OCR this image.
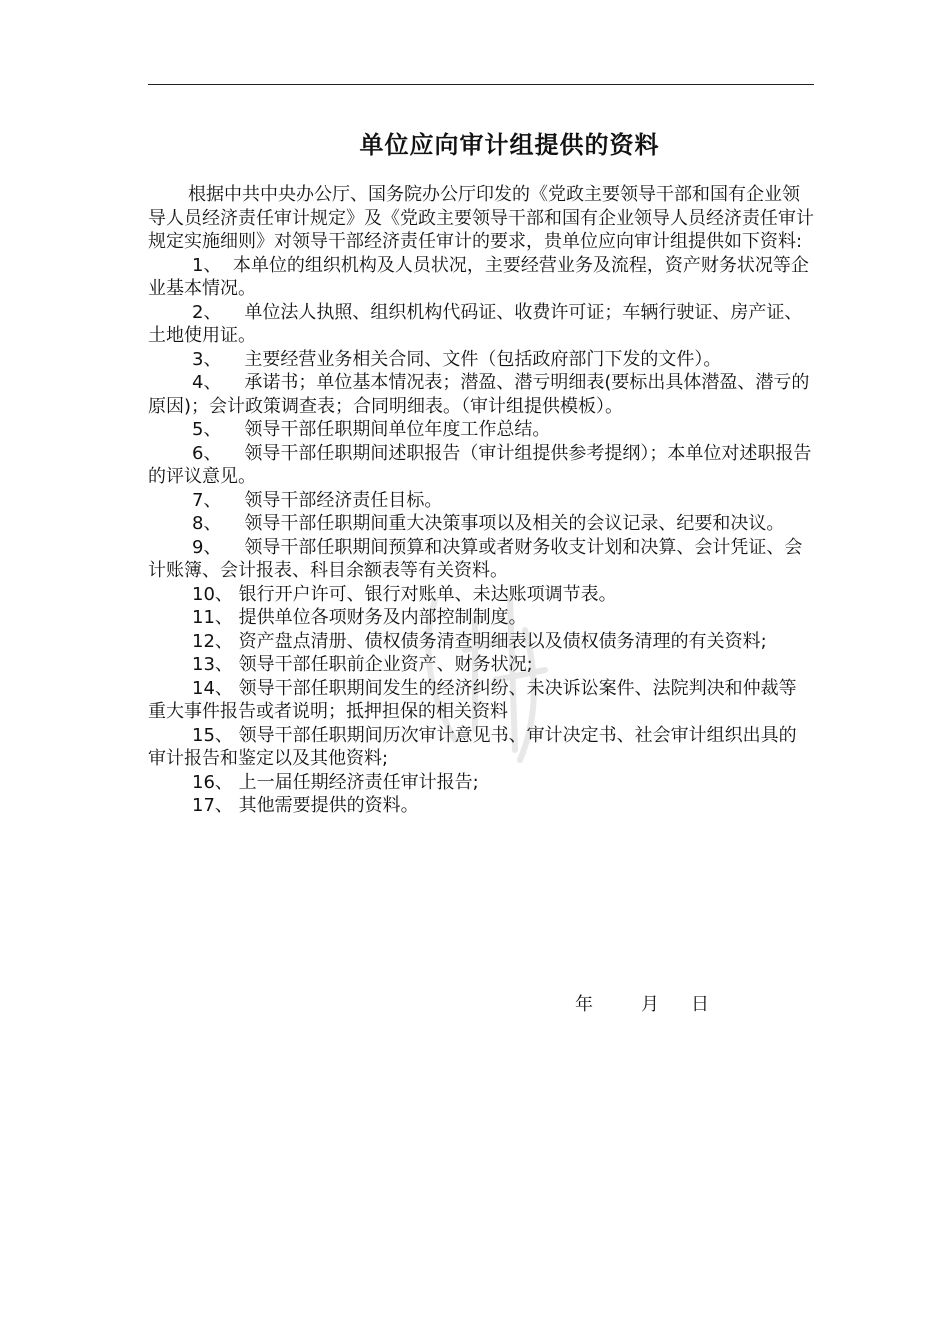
单位应向审计组提供的资料
根据中共中央办公厅、国务院办公厅印发的《党政主要领导干部和国有企业领导人员经济责任审计规定》及《党政主要领导干部和国有企业领导人员经济责任审计规定实施细则》对领导干部经济责任审计的要求，贵单位应向审计组提供如下资料:
1、 本单位的组织机构及人员状况，主要经营业务及流程，资产财务状况等企业基本情况。
2、 单位法人执照、组织机构代码证、收费许可证；车辆行驶证、房产证、土地使用证。
3、 主要经营业务相关合同、文件（包括政府部门下发的文件）。
4、 承诺书；单位基本情况表；潜盈、潜亏明细表(要标出具体潜盈、潜亏的原因)；会计政策调查表；合同明细表。（审计组提供模板）。
5、 领导干部任职期间单位年度工作总结。
6、 领导干部任职期间述职报告（审计组提供参考提纲）；本单位对述职报告的评议意见。
7、 领导干部经济责任目标。
8、 领导干部任职期间重大决策事项以及相关的会议记录、纪要和决议。
9、 领导干部任职期间预算和决算或者财务收支计划和决算、会计凭证、会计账簿、会计报表、科目余额表等有关资料。
10、 银行开户许可、银行对账单、未达账项调节表。
11、 提供单位各项财务及内部控制制度。
12、 资产盘点清册、债权债务清查明细表以及债权债务清理的有关资料;
13、 领导干部任职前企业资产、财务状况;
14、 领导干部任职期间发生的经济纠纷、未决诉讼案件、法院判决和仲裁等重大事件报告或者说明；抵押担保的相关资料
15、 领导干部任职期间历次审计意见书、审计决定书、社会审计组织出具的审计报告和鉴定以及其他资料;
16、 上一届任期经济责任审计报告;
17、 其他需要提供的资料。
年	月 日
